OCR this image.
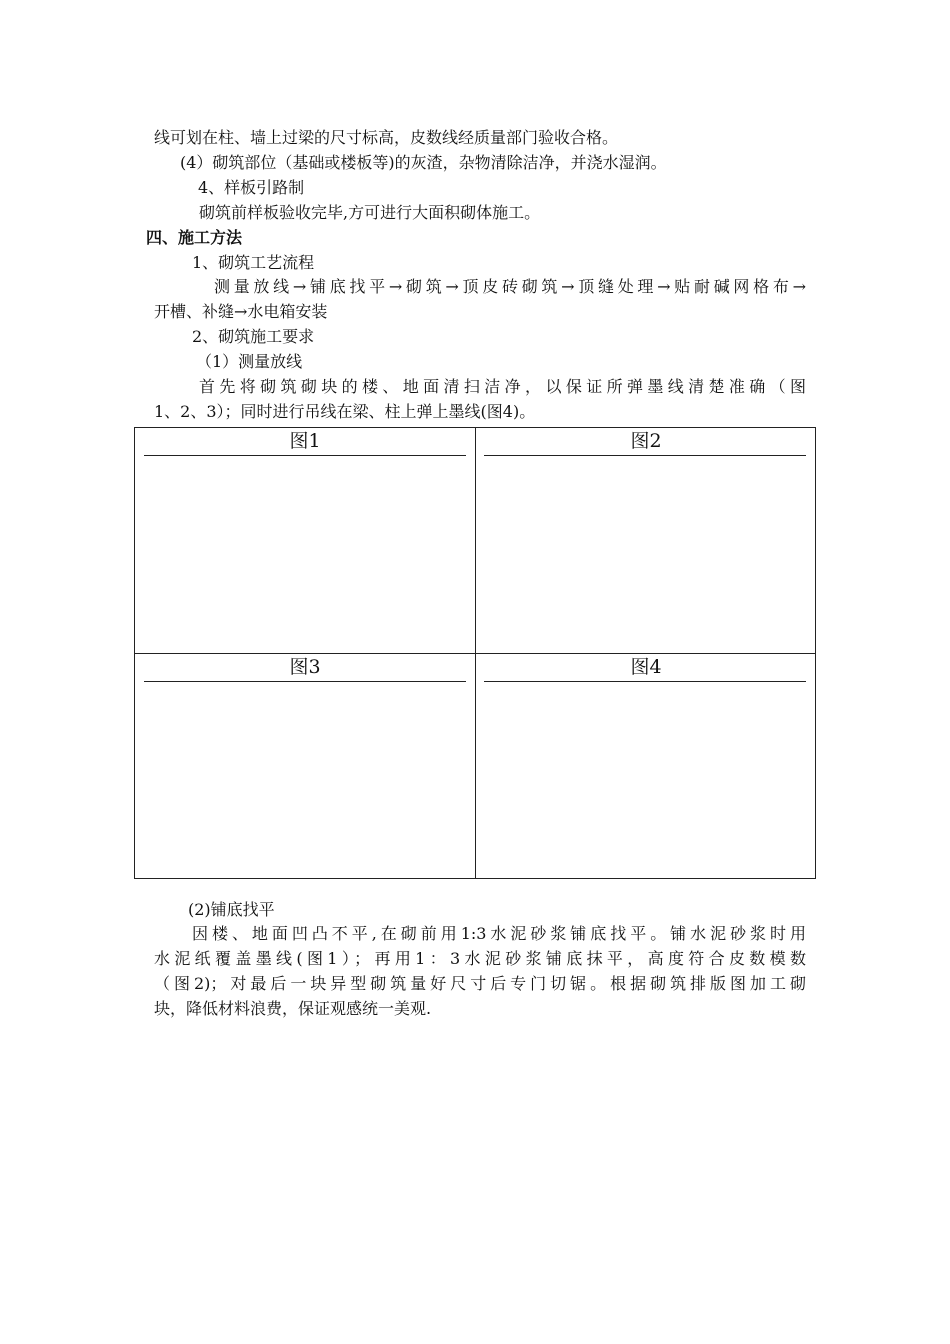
线可划在柱、墙上过梁的尺寸标高，皮数线经质量部门验收合格。
(4）砌筑部位（基础或楼板等)的灰渣，杂物清除洁净，并浇水湿润。
4、样板引路制
砌筑前样板验收完毕,方可进行大面积砌体施工。
四、施工方法
1、砌筑工艺流程
测量放线→铺底找平→砌筑→顶皮砖砌筑→顶缝处理→贴耐碱网格布→
开槽、补缝→水电箱安装
2、砌筑施工要求
（1）测量放线
首先将砌筑砌块的楼、地面清扫洁净，以保证所弹墨线清楚准确（图
1、2、3）；同时进行吊线在梁、柱上弹上墨线(图4)。
图1	图2
图3	图4
(2)铺底找平
因楼、地面凹凸不平,在砌前用1:3水泥砂浆铺底找平。铺水泥砂浆时用
水泥纸覆盖墨线(图1）；再用1：3水泥砂浆铺底抹平，高度符合皮数模数
（图2)；对最后一块异型砌筑量好尺寸后专门切锯。根据砌筑排版图加工砌
块，降低材料浪费，保证观感统一美观.
